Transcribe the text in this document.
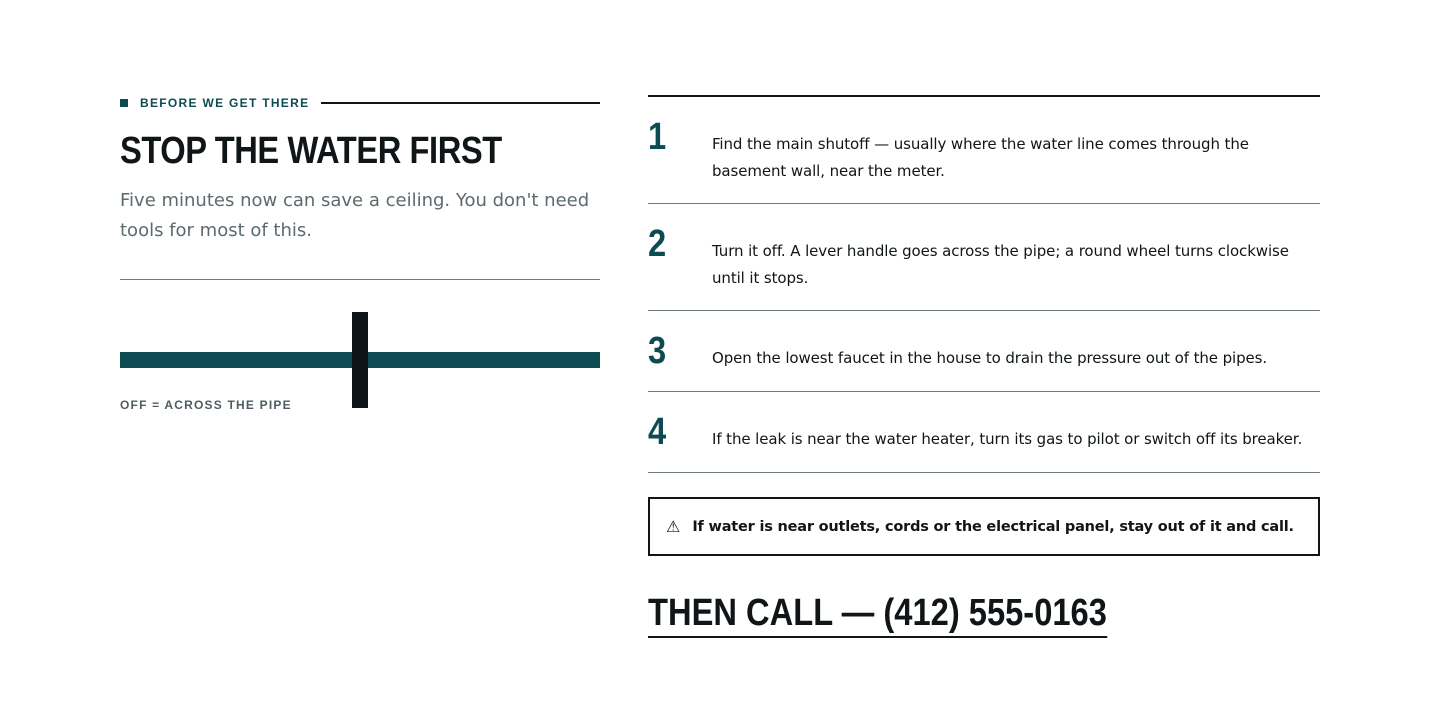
BEFORE WE GET THERE
STOP THE WATER FIRST

Five minutes now can save a ceiling. You don't need tools for most of this.

OFF = ACROSS THE PIPE
1	Find the main shutoff — usually where the water line comes through the basement wall, near the meter.
2	Turn it off. A lever handle goes across the pipe; a round wheel turns clockwise until it stops.
3	Open the lowest faucet in the house to drain the pressure out of the pipes.
4	If the leak is near the water heater, turn its gas to pilot or switch off its breaker.
⚠ If water is near outlets, cords or the electrical panel, stay out of it and call.
THEN CALL — (412) 555-0163
